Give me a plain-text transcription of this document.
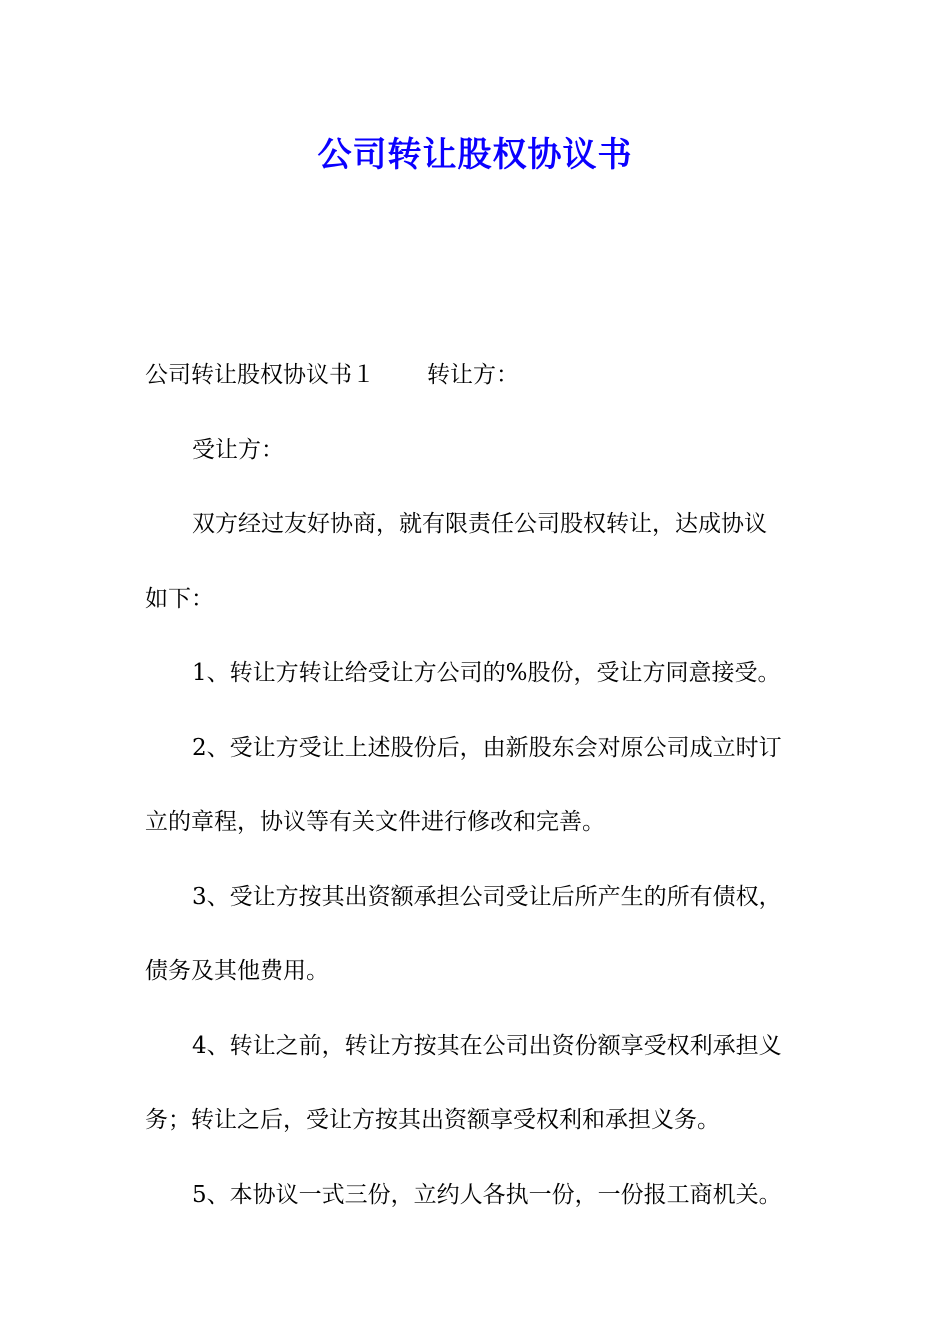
公司转让股权协议书

公司转让股权协议书１ 转让方：

受让方：

双方经过友好协商，就有限责任公司股权转让，达成协议

如下：

1、转让方转让给受让方公司的%股份，受让方同意接受。

2、受让方受让上述股份后，由新股东会对原公司成立时订

立的章程，协议等有关文件进行修改和完善。

3、受让方按其出资额承担公司受让后所产生的所有债权，

债务及其他费用。

4、转让之前，转让方按其在公司出资份额享受权利承担义

务；转让之后，受让方按其出资额享受权利和承担义务。

5、本协议一式三份，立约人各执一份，一份报工商机关。
